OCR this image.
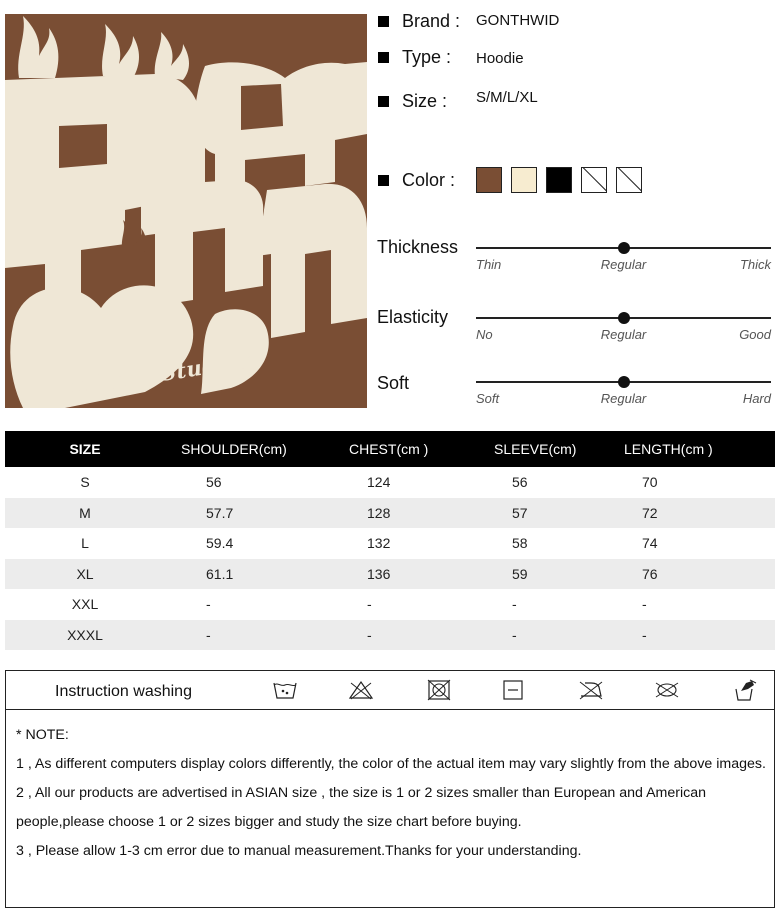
Crbsup Studios
Brand :	GONTHWID
Type :	Hoodie
Size :	S/M/L/XL
Color :
Thickness
Thin	Regular	Thick
Elasticity
No	Regular	Good
Soft
Soft	Regular	Hard
SIZE	SHOULDER(cm)	CHEST(cm )	SLEEVE(cm)	LENGTH(cm )
S	56	124	56	70
M	57.7	128	57	72
L	59.4	132	58	74
XL	61.1	136	59	76
XXL	-	-	-	-
XXXL	-	-	-	-
Instruction washing
* NOTE:
1 , As different computers display colors differently, the color of the actual item may vary slightly from the above images.
2 , All our products are advertised in ASIAN size , the size is 1 or 2 sizes smaller than European and American people,please choose 1 or 2 sizes bigger and study the size chart before buying.
3 , Please allow 1-3 cm error due to manual measurement.Thanks for your understanding.
